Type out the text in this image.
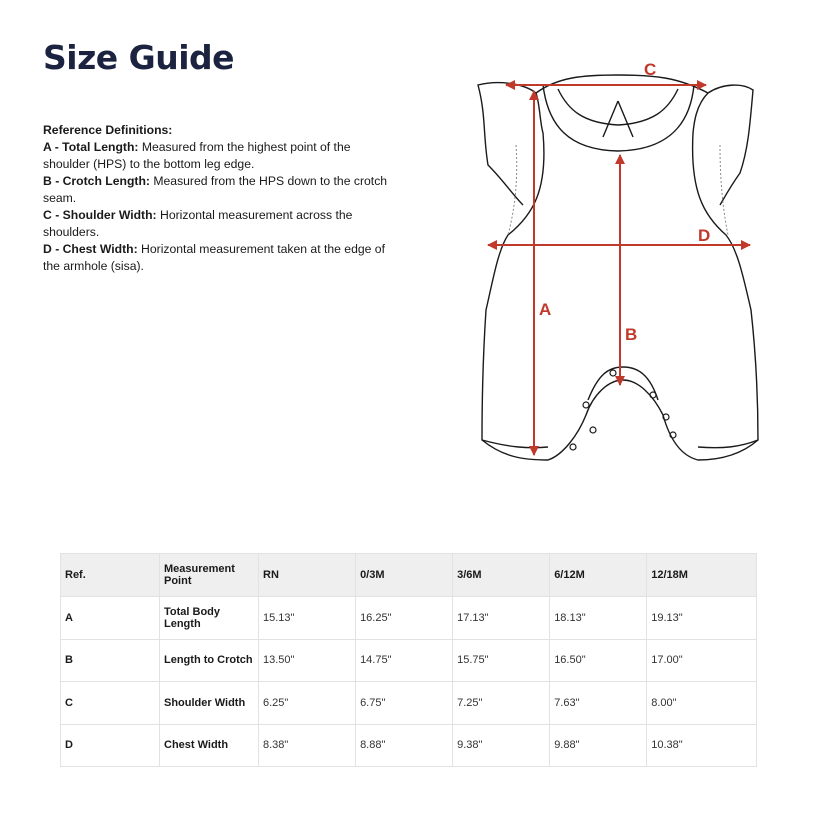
Size Guide
Reference Definitions:

A - Total Length: Measured from the highest point of the shoulder (HPS) to the bottom leg edge.

B - Crotch Length: Measured from the HPS down to the crotch seam.

C - Shoulder Width: Horizontal measurement across the shoulders.

D - Chest Width: Horizontal measurement taken at the edge of the armhole (sisa).

C
D
A
B
Ref.	Measurement Point	RN	0/3M	3/6M	6/12M	12/18M
A	Total Body Length	15.13"	16.25"	17.13"	18.13"	19.13"
B	Length to Crotch	13.50"	14.75"	15.75"	16.50"	17.00"
C	Shoulder Width	6.25"	6.75"	7.25"	7.63"	8.00"
D	Chest Width	8.38"	8.88"	9.38"	9.88"	10.38"
